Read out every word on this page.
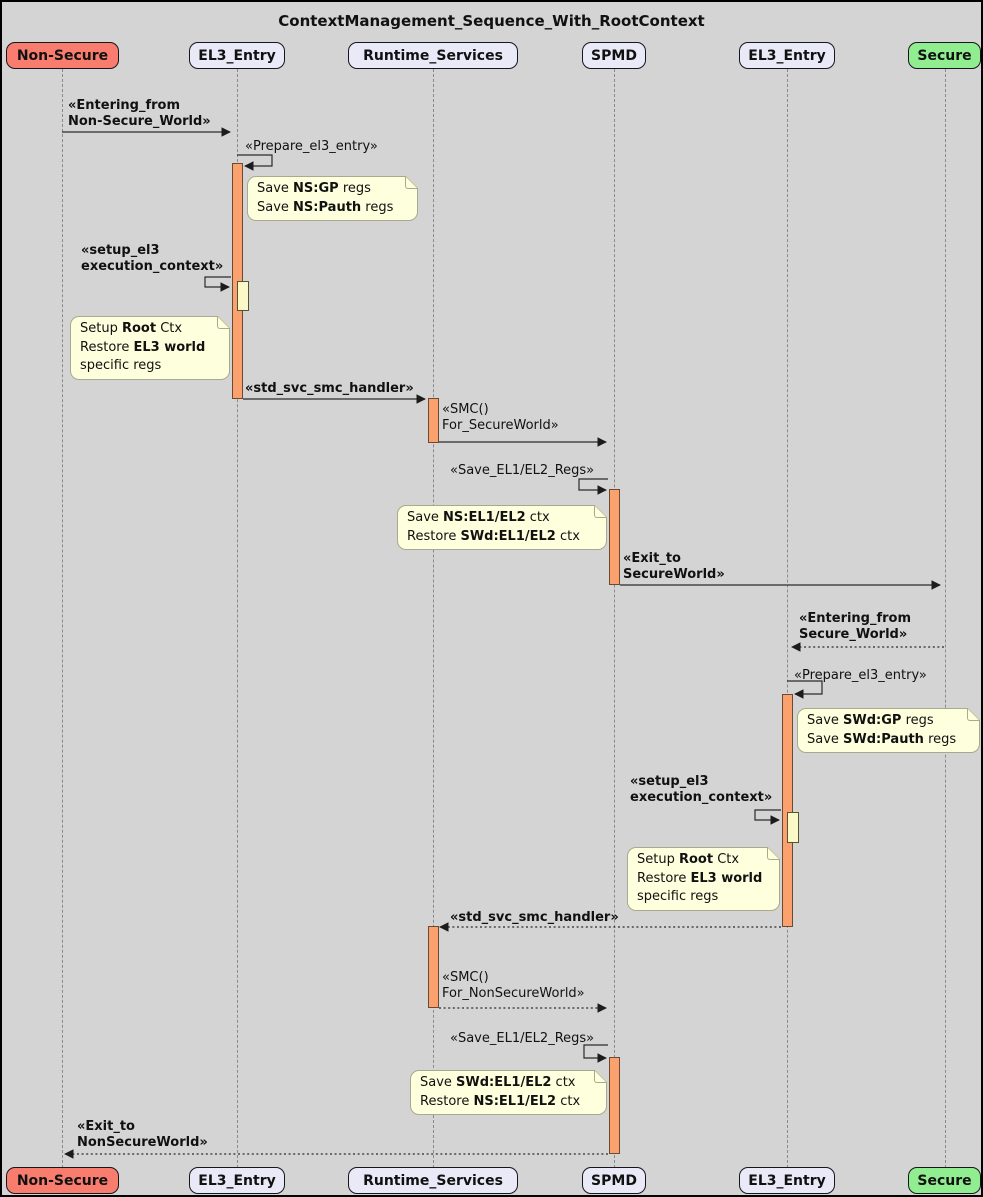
ContextManagement_Sequence_With_RootContext
Non-Secure	EL3_Entry	Runtime_Services	SPMD	EL3_Entry	Secure
Non-Secure	EL3_Entry	Runtime_Services	SPMD	EL3_Entry	Secure
«Entering_from
Non-Secure_World»
«Prepare_el3_entry»
«setup_el3
execution_context»
«std_svc_smc_handler»
«SMC()
For_SecureWorld»
«Save_EL1/EL2_Regs»
«Exit_to
SecureWorld»
«Entering_from
Secure_World»
«Prepare_el3_entry»
«setup_el3
execution_context»
«std_svc_smc_handler»
«SMC()
For_NonSecureWorld»
«Save_EL1/EL2_Regs»
«Exit_to
NonSecureWorld»
Save NS:GP regs
Save NS:Pauth regs
Setup Root Ctx
Restore EL3 world
specific regs
Save NS:EL1/EL2 ctx
Restore SWd:EL1/EL2 ctx
Save SWd:GP regs
Save SWd:Pauth regs
Setup Root Ctx
Restore EL3 world
specific regs
Save SWd:EL1/EL2 ctx
Restore NS:EL1/EL2 ctx
